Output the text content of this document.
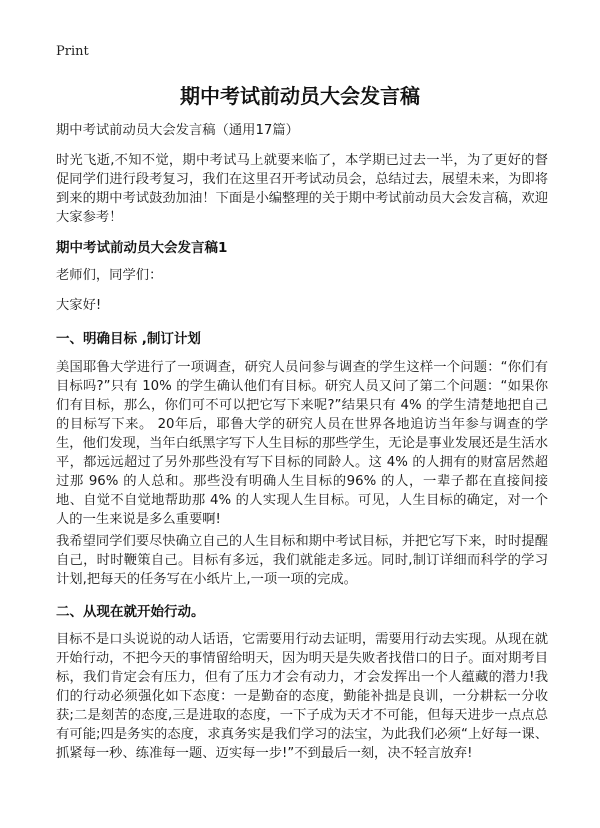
Print
期中考试前动员大会发言稿
期中考试前动员大会发言稿（通用17篇）
时光飞逝,不知不觉，期中考试马上就要来临了，本学期已过去一半，为了更好的督促同学们进行段考复习，我们在这里召开考试动员会，总结过去，展望未来，为即将到来的期中考试鼓劲加油！下面是小编整理的关于期中考试前动员大会发言稿，欢迎大家参考！
期中考试前动员大会发言稿1
老师们，同学们：
大家好!
一、明确目标 ,制订计划
美国耶鲁大学进行了一项调查，研究人员问参与调查的学生这样一个问题：“你们有目标吗?”只有 10% 的学生确认他们有目标。研究人员又问了第二个问题：“如果你们有目标，那么，你们可不可以把它写下来呢?”结果只有 4% 的学生清楚地把自己的目标写下来。 20年后，耶鲁大学的研究人员在世界各地追访当年参与调查的学生，他们发现，当年白纸黑字写下人生目标的那些学生，无论是事业发展还是生活水平，都远远超过了另外那些没有写下目标的同龄人。这 4% 的人拥有的财富居然超过那 96% 的人总和。那些没有明确人生目标的96% 的人，一辈子都在直接间接地、自觉不自觉地帮助那 4% 的人实现人生目标。可见，人生目标的确定，对一个人的一生来说是多么重要啊!
我希望同学们要尽快确立自己的人生目标和期中考试目标，并把它写下来，时时提醒自己，时时鞭策自己。目标有多远，我们就能走多远。同时,制订详细而科学的学习计划,把每天的任务写在小纸片上,一项一项的完成。
二、从现在就开始行动。
目标不是口头说说的动人话语，它需要用行动去证明，需要用行动去实现。从现在就开始行动，不把今天的事情留给明天，因为明天是失败者找借口的日子。面对期考目标，我们肯定会有压力，但有了压力才会有动力，才会发挥出一个人蕴藏的潜力!我们的行动必须强化如下态度：一是勤奋的态度，勤能补拙是良训，一分耕耘一分收获;二是刻苦的态度,三是进取的态度，一下子成为天才不可能，但每天进步一点点总有可能;四是务实的态度，求真务实是我们学习的法宝，为此我们必须“上好每一课、抓紧每一秒、练准每一题、迈实每一步!”不到最后一刻，决不轻言放弃!
